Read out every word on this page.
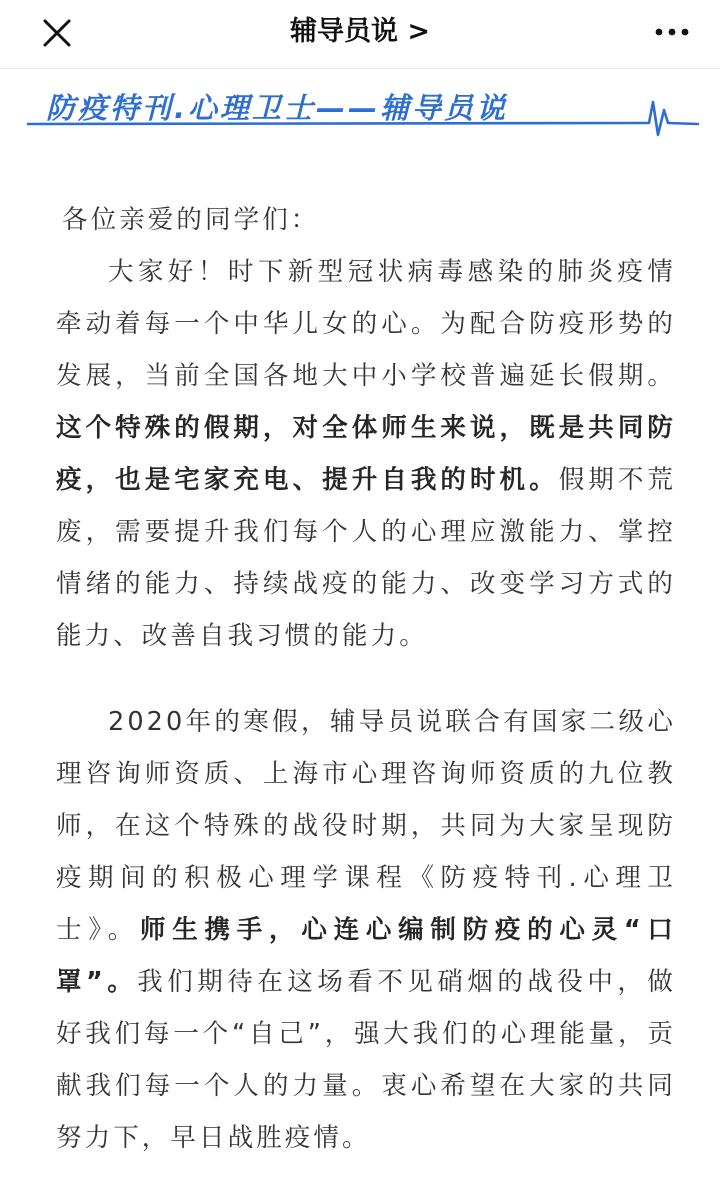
辅导员说 >
防疫特刊.心理卫士——辅导员说

各位亲爱的同学们：

大家好！时下新型冠状病毒感染的肺炎疫情牵动着每一个中华儿女的心。为配合防疫形势的发展，当前全国各地大中小学校普遍延长假期。这个特殊的假期，对全体师生来说，既是共同防疫，也是宅家充电、提升自我的时机。假期不荒废，需要提升我们每个人的心理应激能力、掌控情绪的能力、持续战疫的能力、改变学习方式的能力、改善自我习惯的能力。

2020年的寒假，辅导员说联合有国家二级心理咨询师资质、上海市心理咨询师资质的九位教师，在这个特殊的战役时期，共同为大家呈现防疫期间的积极心理学课程《防疫特刊.心理卫士》。师生携手，心连心编制防疫的心灵“口罩”。我们期待在这场看不见硝烟的战役中，做好我们每一个“自己”，强大我们的心理能量，贡献我们每一个人的力量。衷心希望在大家的共同努力下，早日战胜疫情。
